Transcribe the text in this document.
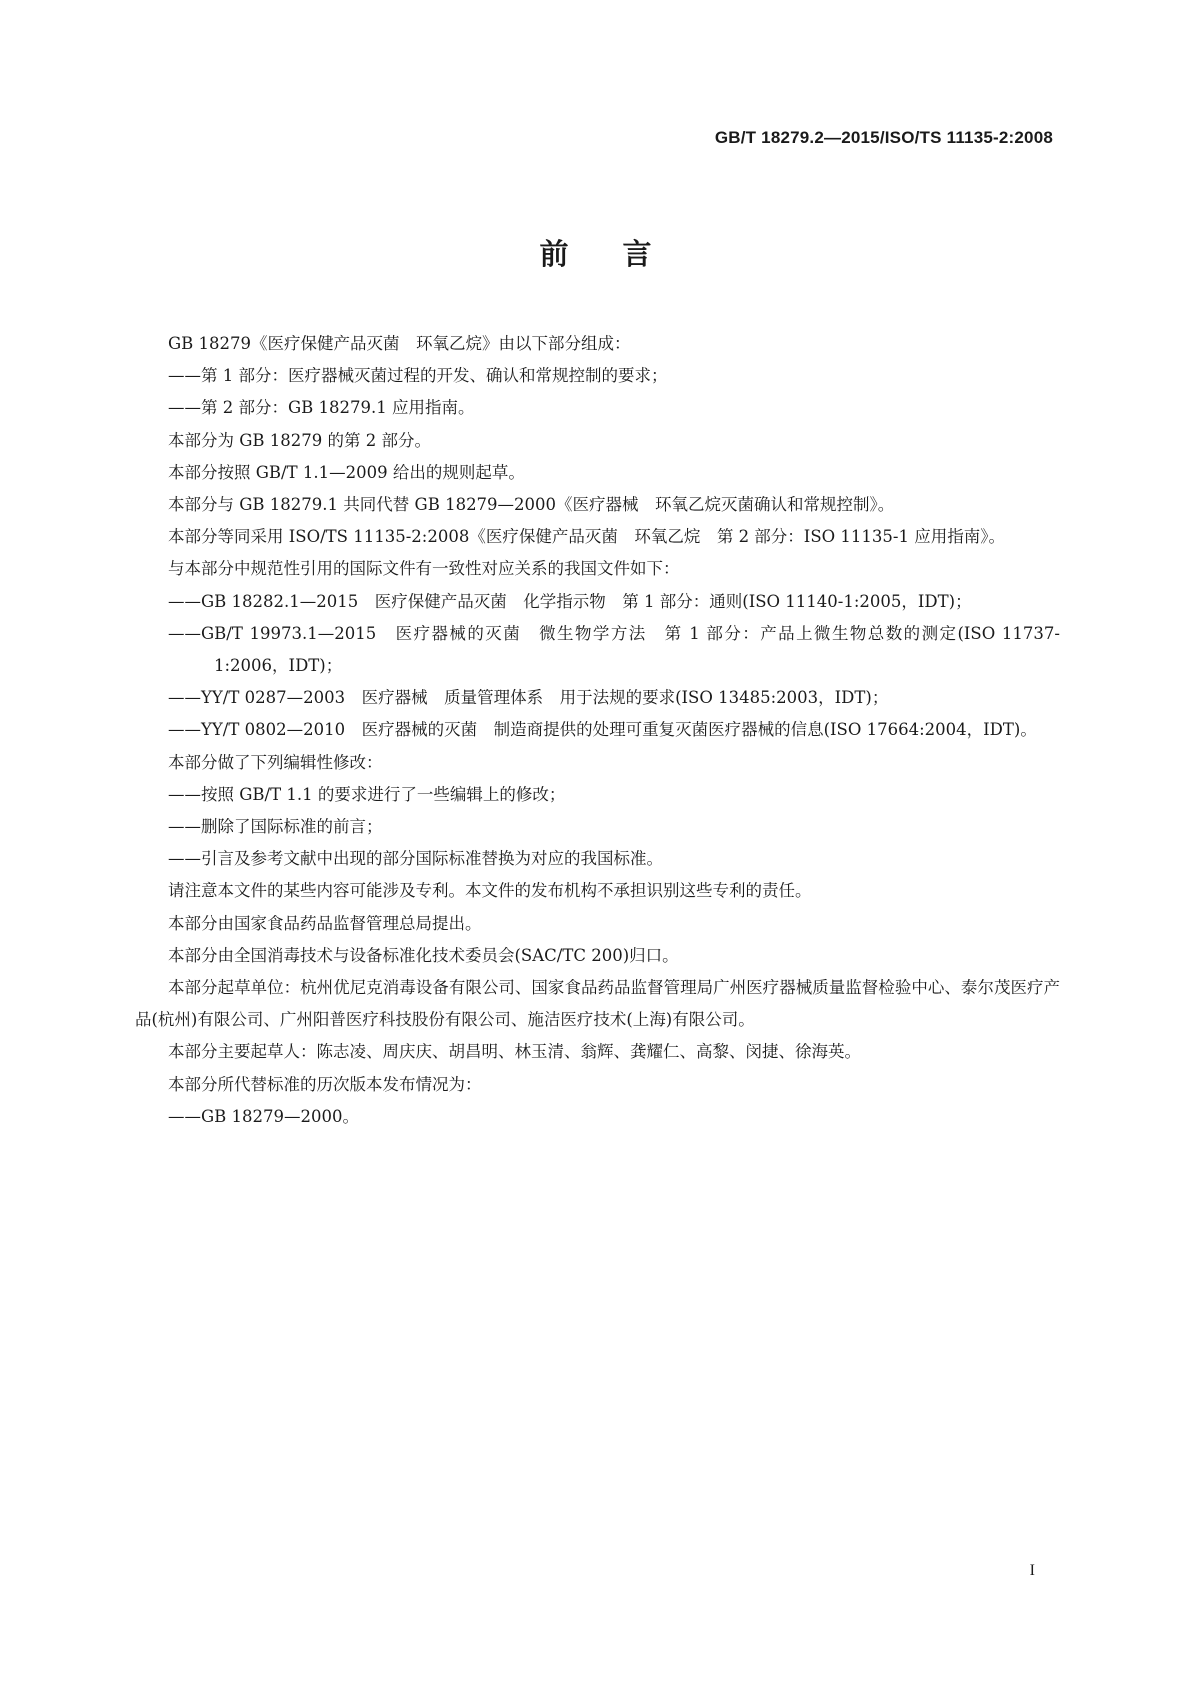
GB/T 18279.2—2015/ISO/TS 11135-2:2008
前言

GB 18279《医疗保健产品灭菌　环氧乙烷》由以下部分组成：

——第 1 部分：医疗器械灭菌过程的开发、确认和常规控制的要求；

——第 2 部分：GB 18279.1 应用指南。

本部分为 GB 18279 的第 2 部分。

本部分按照 GB/T 1.1—2009 给出的规则起草。

本部分与 GB 18279.1 共同代替 GB 18279—2000《医疗器械　环氧乙烷灭菌确认和常规控制》。

本部分等同采用 ISO/TS 11135-2:2008《医疗保健产品灭菌　环氧乙烷　第 2 部分：ISO 11135-1 应用指南》。

与本部分中规范性引用的国际文件有一致性对应关系的我国文件如下：

——GB 18282.1—2015　医疗保健产品灭菌　化学指示物　第 1 部分：通则(ISO 11140-1:2005，IDT)；

——GB/T 19973.1—2015　医疗器械的灭菌　微生物学方法　第 1 部分：产品上微生物总数的测定(ISO 11737-1:2006，IDT)；

——YY/T 0287—2003　医疗器械　质量管理体系　用于法规的要求(ISO 13485:2003，IDT)；

——YY/T 0802—2010　医疗器械的灭菌　制造商提供的处理可重复灭菌医疗器械的信息(ISO 17664:2004，IDT)。

本部分做了下列编辑性修改：

——按照 GB/T 1.1 的要求进行了一些编辑上的修改；

——删除了国际标准的前言；

——引言及参考文献中出现的部分国际标准替换为对应的我国标准。

请注意本文件的某些内容可能涉及专利。本文件的发布机构不承担识别这些专利的责任。

本部分由国家食品药品监督管理总局提出。

本部分由全国消毒技术与设备标准化技术委员会(SAC/TC 200)归口。

本部分起草单位：杭州优尼克消毒设备有限公司、国家食品药品监督管理局广州医疗器械质量监督检验中心、泰尔茂医疗产品(杭州)有限公司、广州阳普医疗科技股份有限公司、施洁医疗技术(上海)有限公司。

本部分主要起草人：陈志凌、周庆庆、胡昌明、林玉清、翁辉、龚耀仁、高黎、闵捷、徐海英。

本部分所代替标准的历次版本发布情况为：

——GB 18279—2000。

I
